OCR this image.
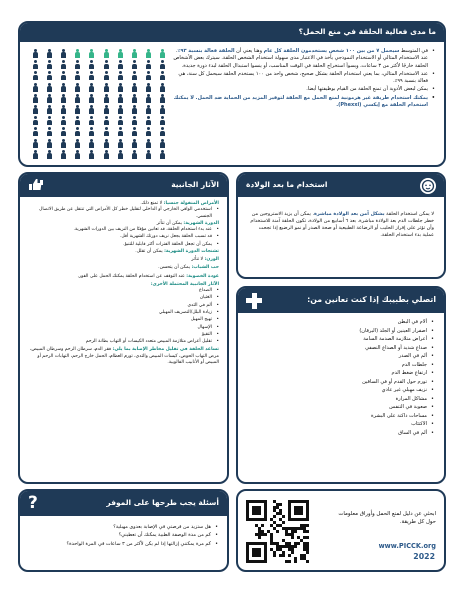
ما مدى فعالية الحلقة في منع الحمل؟
• في المتوسط سيحمل ٧ من بين ١٠٠ شخص يستخدمون الحلقة كل عام وهنا يعني أن الحلقة فعالة بنسبة ٩٣٪. عند الاستخدام المثالي أو الاستخدام النموذجي يأخذ في الاعتبار مدى سهولة استخدام الشخص الحلقة. سيترك بعض الأشخاص الحلقة خارجًا لأكثر من ٣ ساعات، ويسوأ استخراج الحلقة في الوقت المناسب، أو ينسوا استبدال الحلقة لبدء دورة جديدة.
• عند الاستخدام المثالي، بما يعني استخدام الحلقة بشكل صحيح، شخص واحد من ١٠٠ يستخدم الحلقة سيحمل كل سنة، هي فعالة بنسبة ٩٩٪.
• يمكن لبعض الأدوية أن تمنع الحلقة من القيام بوظيفتها أيضا.
• يمكنك استخدام طريقة غير هرمونية لمنع الحمل مع الحلقة لتوفير المزيد من الحماية ضد الحمل. لا يمكنك استخدام الحلقة مع إيكسي (Phexxi).
الآثار الجانبية
الأمراض المنقولة جنسيا: لا تمنع ذلك.
• استخدمي الواقي الخارجي أو الداخلي لتقليل خطر كل الأمراض التي تنتقل عن طريق الاتصال الجنسي.
الدورة الشهرية: يمكن أن تتأثر
• عند بدء استخدام الحلقة، قد تعانين مؤقتًا من النزيف بين الدورات الشهرية.
• قد تسبب الحلقة بجعل نزيف دورتك الشهرية أقل.
• يمكن أن تجعل الحلقة الفترات أكثر قابلية للتنبؤ.
تشنجات الدورة الشهرية: يمكن أن تقلل.
الوزن: لا تتأثر
حب الشباب: يمكن أن يتحسن.
عودة الخصوبة: عند التوقف عن استخدام الحلقة يمكنك الحمل على الفور.
الآثار الجانبية المحتملة الأخرى:
• الصداع
• الغثيان
• ألم في الثدي
• زيادة البلل/التصريف المهبلي
• تهيج المهبل
• الإسهال
• التقيؤ
• تقليل أعراض متلازمة المبيض متعدد الكيسات أو التهاب بطانة الرحم
تساعد الحلقة في تقليل مخاطر الإصابة بما يلي: فقر الدم، سرطان الرحم وسرطان المبيض، مرض التهاب الحوض، كيسات المبيض والثدي، تورم العظام، الحمل خارج الرحم، التهابات الرحم أو المبيض أو الأنابيب الفالوبية.
استخدام ما بعد الولادة
لا يمكن استخدام الحلقة بشكل آمن بعد الولادة مباشرة. يمكن أن يزيد الاستروجين من خطر جلطات الدم بعد الولادة مباشرة. بعد ٦ أسابيع من الولادة، تكون الحلقة آمنة للاستخدام وأن تؤثر على إفراز الحليب أو الرضاعة الطبيعية أو صحة الصدر أو نمو الرضيع إذا تجحت عملية بدء استخدام الحلقة.
اتصلي بطبيبك إذا كنت تعانين من:
• ألام في البطن
• اصفرار العينين أو الجلد (اليرقان)
• أعراض متلازمة الصدمة السامة
• صداع شديد أو الصداع النصفي
• ألم في الصدر
• جلطات الدم
• ارتفاع ضغط الدم
• تورم حول القدم أو في الساقين
• نزيف مهبلي غير عادي
• مشاكل المرارة
• صعوبة في التنفس
• مساحات داكنة على البشرة
• الاكتئاب
• ألم في الساق
أسئلة يجب طرحها على الموفر
?
• هل ستزيد من فرصتي في الإصابة بعدوى مهبلية؟
• كم من مدة الوصفة الطبية يمكنك أن تعطيني؟
• كم مرة يمكنني إزالتها إذا لم يكن لأكثر من ٣ ساعات في المرة الواحدة؟
ابحثي عن دليل لمنع الحمل وأوراق معلومات حول كل طريقة.
www.PICCK.org
2022
